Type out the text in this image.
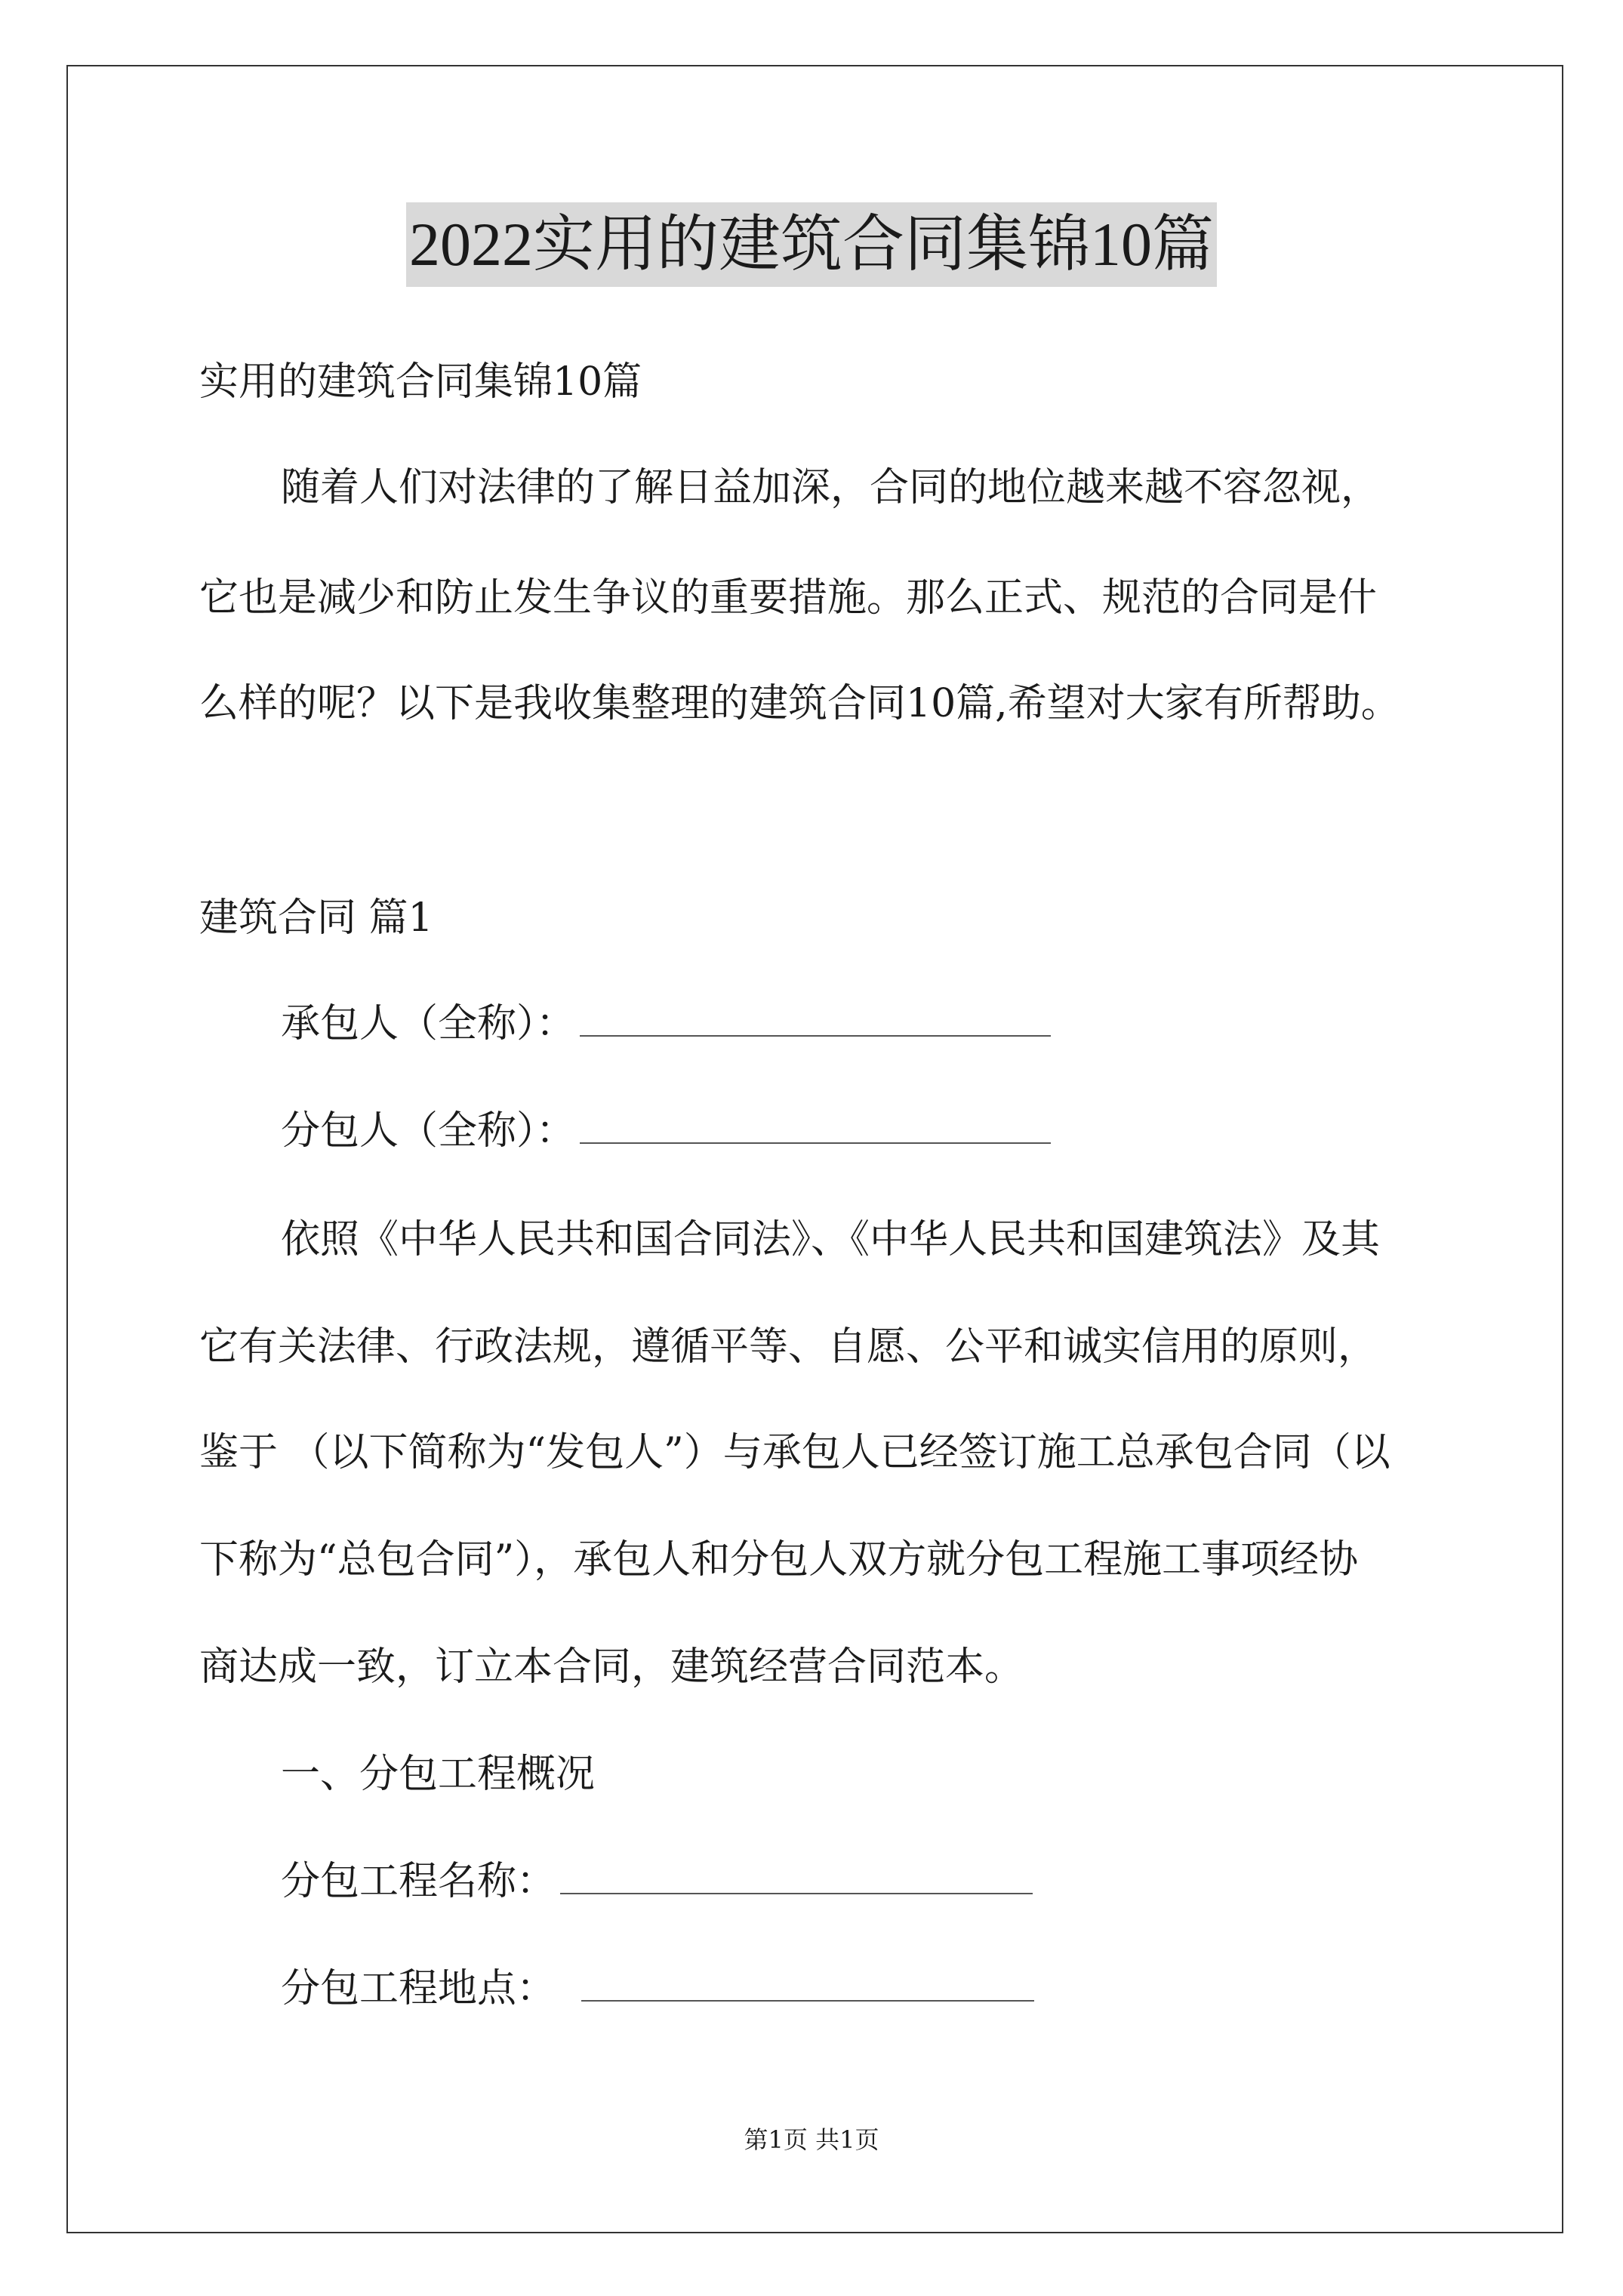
2022实用的建筑合同集锦10篇
实用的建筑合同集锦10篇
随着人们对法律的了解日益加深，合同的地位越来越不容忽视，
它也是减少和防止发生争议的重要措施。那么正式、规范的合同是什
么样的呢？以下是我收集整理的建筑合同10篇,希望对大家有所帮助。
建筑合同 篇1
承包人（全称）：
分包人（全称）：
依照《中华人民共和国合同法》、《中华人民共和国建筑法》及其
它有关法律、行政法规，遵循平等、自愿、公平和诚实信用的原则，
鉴于 （以下简称为“发包人”）与承包人已经签订施工总承包合同（以
下称为“总包合同”），承包人和分包人双方就分包工程施工事项经协
商达成一致，订立本合同，建筑经营合同范本。
一、分包工程概况
分包工程名称：
分包工程地点：
第1页 共1页
